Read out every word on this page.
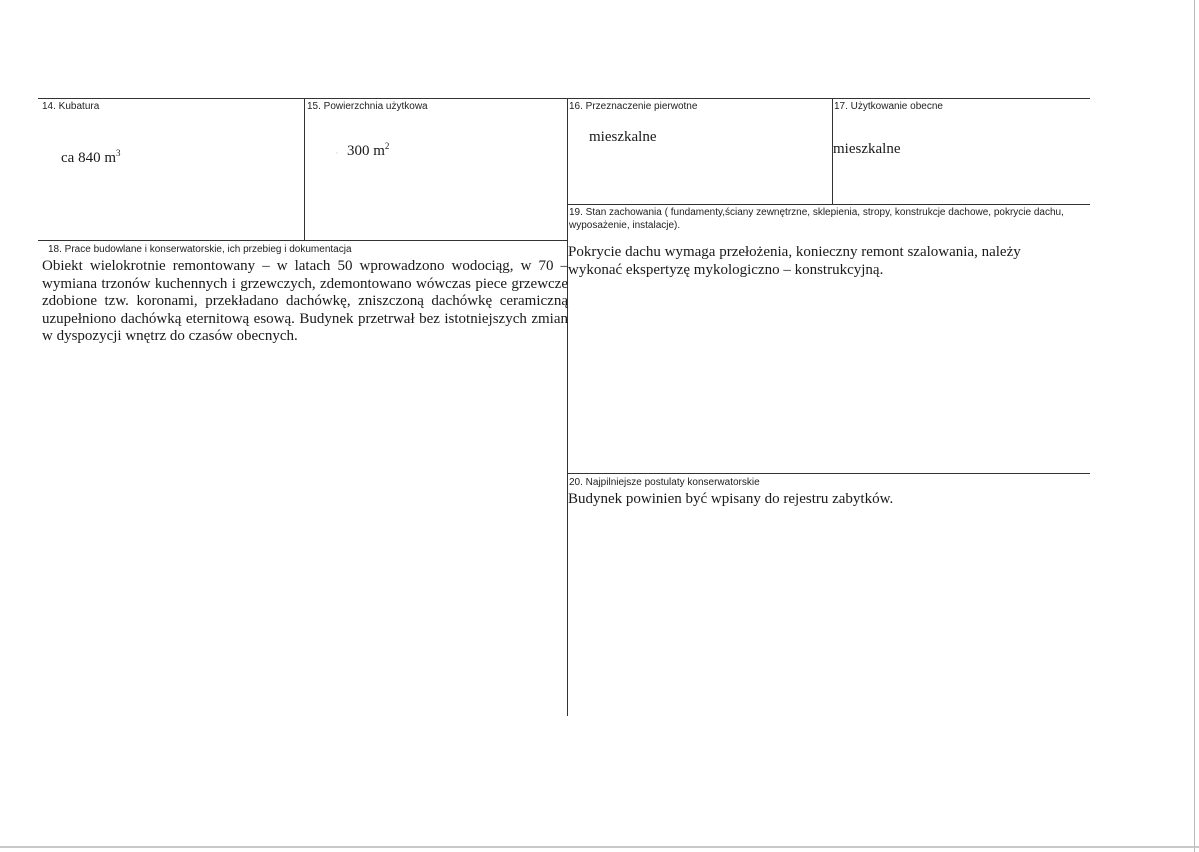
·
14. Kubatura
ca 840 $m^3$
15. Powierzchnia użytkowa
300 $m^2$
16. Przeznaczenie pierwotne
mieszkalne
17. Użytkowanie obecne
mieszkalne
19. Stan zachowania ( fundamenty,ściany zewnętrzne, sklepienia, stropy, konstrukcje dachowe, pokrycie dachu, wyposażenie, instalacje).
Pokrycie dachu wymaga przełożenia, konieczny remont szalowania, należy wykonać ekspertyzę mykologiczno – konstrukcyjną.
18. Prace budowlane i konserwatorskie, ich przebieg i dokumentacja
Obiekt wielokrotnie remontowany – w latach 50 wprowadzono wodociąg, w 70 – wymiana trzonów kuchennych i grzewczych, zdemontowano wówczas piece grzewcze zdobione tzw. koronami, przekładano dachówkę, zniszczoną dachówkę ceramiczną uzupełniono dachówką eternitową esową. Budynek przetrwał bez istotniejszych zmian w dyspozycji wnętrz do czasów obecnych.
20. Najpilniejsze postulaty konserwatorskie
Budynek powinien być wpisany do rejestru zabytków.
